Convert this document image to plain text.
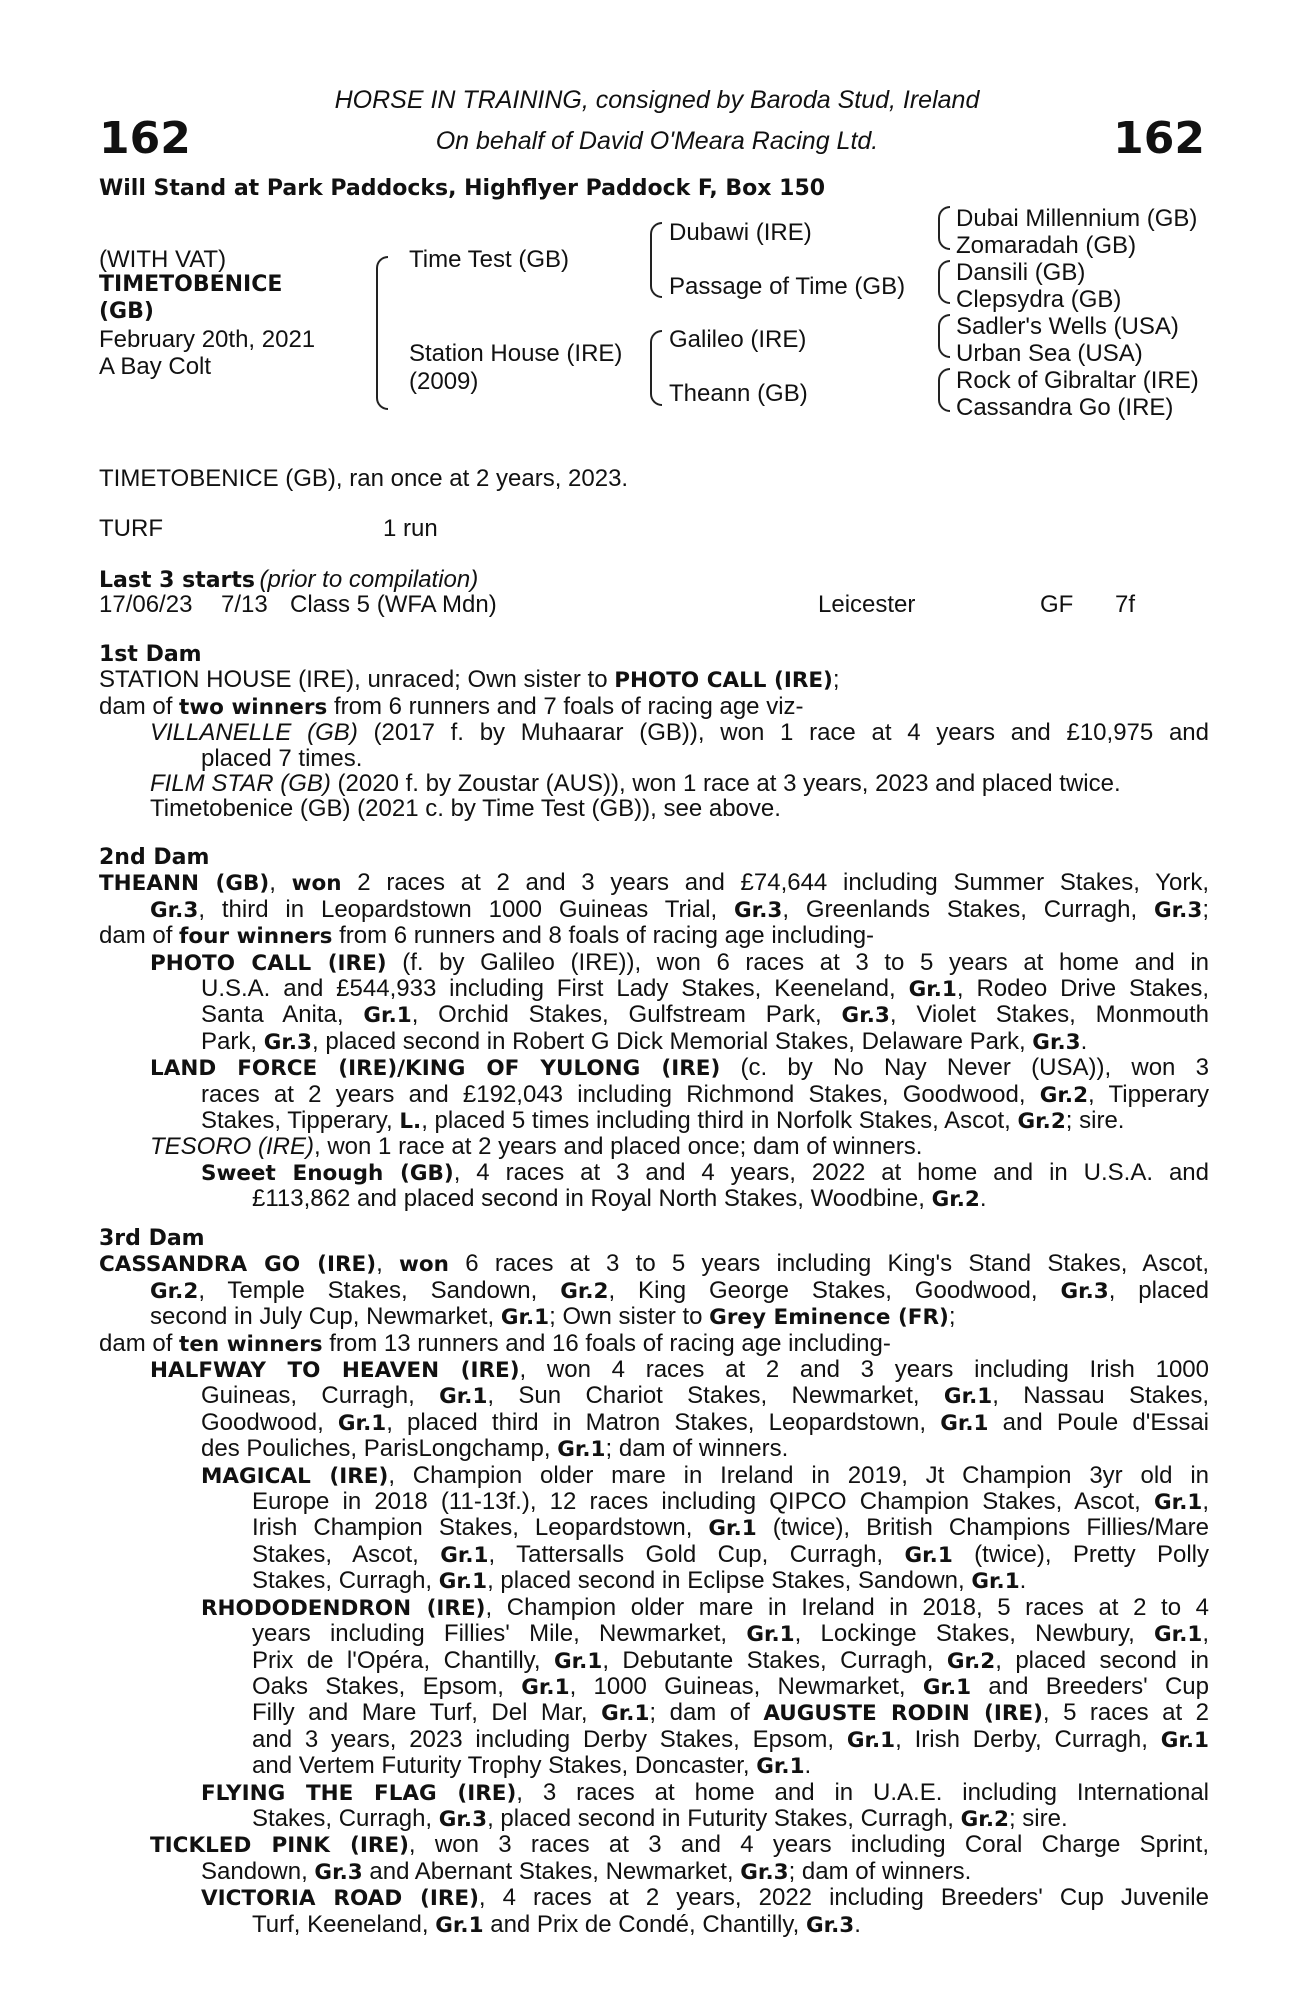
162	162
HORSE IN TRAINING, consigned by Baroda Stud, Ireland
On behalf of David O'Meara Racing Ltd.
Will Stand at Park Paddocks, Highflyer Paddock F, Box 150
(WITH VAT)
TIMETOBENICE
(GB)
February 20th, 2021
A Bay Colt
Time Test (GB)
Station House (IRE)
(2009)
Dubawi (IRE)
Passage of Time (GB)
Galileo (IRE)
Theann (GB)
Dubai Millennium (GB)
Zomaradah (GB)
Dansili (GB)
Clepsydra (GB)
Sadler's Wells (USA)
Urban Sea (USA)
Rock of Gibraltar (IRE)
Cassandra Go (IRE)
TIMETOBENICE (GB), ran once at 2 years, 2023.
TURF	1 run
Last 3 starts (prior to compilation)
17/06/23 7/13 Class 5 (WFA Mdn)	Leicester	GF 7f
1st Dam
STATION HOUSE (IRE), unraced; Own sister to PHOTO CALL (IRE);
dam of two winners from 6 runners and 7 foals of racing age viz-
VILLANELLE (GB) (2017 f. by Muhaarar (GB)), won 1 race at 4 years and £10,975 and
placed 7 times.
FILM STAR (GB) (2020 f. by Zoustar (AUS)), won 1 race at 3 years, 2023 and placed twice.
Timetobenice (GB) (2021 c. by Time Test (GB)), see above.
2nd Dam
THEANN (GB), won 2 races at 2 and 3 years and £74,644 including Summer Stakes, York,
Gr.3, third in Leopardstown 1000 Guineas Trial, Gr.3, Greenlands Stakes, Curragh, Gr.3;
dam of four winners from 6 runners and 8 foals of racing age including-
PHOTO CALL (IRE) (f. by Galileo (IRE)), won 6 races at 3 to 5 years at home and in
U.S.A. and £544,933 including First Lady Stakes, Keeneland, Gr.1, Rodeo Drive Stakes,
Santa Anita, Gr.1, Orchid Stakes, Gulfstream Park, Gr.3, Violet Stakes, Monmouth
Park, Gr.3, placed second in Robert G Dick Memorial Stakes, Delaware Park, Gr.3.
LAND FORCE (IRE)/KING OF YULONG (IRE) (c. by No Nay Never (USA)), won 3
races at 2 years and £192,043 including Richmond Stakes, Goodwood, Gr.2, Tipperary
Stakes, Tipperary, L., placed 5 times including third in Norfolk Stakes, Ascot, Gr.2; sire.
TESORO (IRE), won 1 race at 2 years and placed once; dam of winners.
Sweet Enough (GB), 4 races at 3 and 4 years, 2022 at home and in U.S.A. and
£113,862 and placed second in Royal North Stakes, Woodbine, Gr.2.
3rd Dam
CASSANDRA GO (IRE), won 6 races at 3 to 5 years including King's Stand Stakes, Ascot,
Gr.2, Temple Stakes, Sandown, Gr.2, King George Stakes, Goodwood, Gr.3, placed
second in July Cup, Newmarket, Gr.1; Own sister to Grey Eminence (FR);
dam of ten winners from 13 runners and 16 foals of racing age including-
HALFWAY TO HEAVEN (IRE), won 4 races at 2 and 3 years including Irish 1000
Guineas, Curragh, Gr.1, Sun Chariot Stakes, Newmarket, Gr.1, Nassau Stakes,
Goodwood, Gr.1, placed third in Matron Stakes, Leopardstown, Gr.1 and Poule d'Essai
des Pouliches, ParisLongchamp, Gr.1; dam of winners.
MAGICAL (IRE), Champion older mare in Ireland in 2019, Jt Champion 3yr old in
Europe in 2018 (11-13f.), 12 races including QIPCO Champion Stakes, Ascot, Gr.1,
Irish Champion Stakes, Leopardstown, Gr.1 (twice), British Champions Fillies/Mare
Stakes, Ascot, Gr.1, Tattersalls Gold Cup, Curragh, Gr.1 (twice), Pretty Polly
Stakes, Curragh, Gr.1, placed second in Eclipse Stakes, Sandown, Gr.1.
RHODODENDRON (IRE), Champion older mare in Ireland in 2018, 5 races at 2 to 4
years including Fillies' Mile, Newmarket, Gr.1, Lockinge Stakes, Newbury, Gr.1,
Prix de l'Opéra, Chantilly, Gr.1, Debutante Stakes, Curragh, Gr.2, placed second in
Oaks Stakes, Epsom, Gr.1, 1000 Guineas, Newmarket, Gr.1 and Breeders' Cup
Filly and Mare Turf, Del Mar, Gr.1; dam of AUGUSTE RODIN (IRE), 5 races at 2
and 3 years, 2023 including Derby Stakes, Epsom, Gr.1, Irish Derby, Curragh, Gr.1
and Vertem Futurity Trophy Stakes, Doncaster, Gr.1.
FLYING THE FLAG (IRE), 3 races at home and in U.A.E. including International
Stakes, Curragh, Gr.3, placed second in Futurity Stakes, Curragh, Gr.2; sire.
TICKLED PINK (IRE), won 3 races at 3 and 4 years including Coral Charge Sprint,
Sandown, Gr.3 and Abernant Stakes, Newmarket, Gr.3; dam of winners.
VICTORIA ROAD (IRE), 4 races at 2 years, 2022 including Breeders' Cup Juvenile
Turf, Keeneland, Gr.1 and Prix de Condé, Chantilly, Gr.3.
